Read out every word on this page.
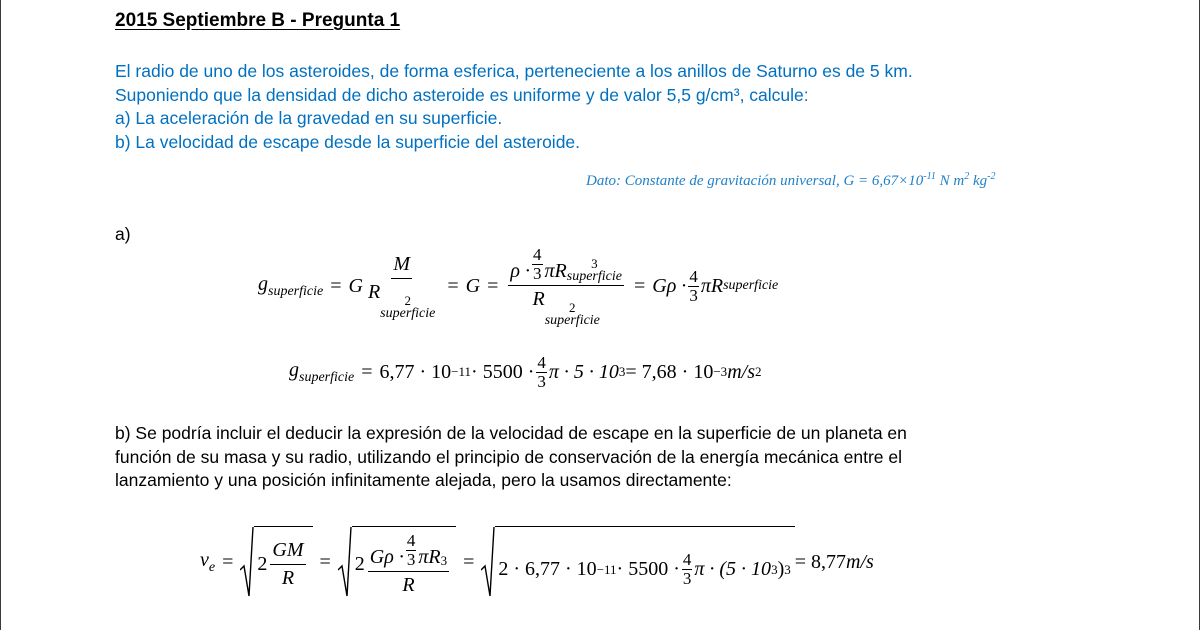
2015 Septiembre B - Pregunta 1
El radio de uno de los asteroides, de forma esferica, perteneciente a los anillos de Saturno es de 5 km.
Suponiendo que la densidad de dicho asteroide es uniforme y de valor 5,5 g/cm³, calcule:
a) La aceleración de la gravedad en su superficie.
b) La velocidad de escape desde la superficie del asteroide.
Dato: Constante de gravitación universal, $G = 6,67\times 10^{-11}$ N $m^2$ $kg^{-2}$
a)
$g_{superficie} = G$ M
R	2
superficie = $G = \rho \cdot \frac{4}{3}$ πR	3
superficie
R	2
superficie = $G\rho \cdot \frac{4}{3}$ πR superficie
$g_{superficie} = 6,77 \cdot 10 -11 \cdot 5500 \cdot \frac{4}{3}$ π · 5 · 10 3 = 7,68 · 10 −3 m/s 2
b) Se podría incluir el deducir la expresión de la velocidad de escape en la superficie de un planeta en
función de su masa y su radio, utilizando el principio de conservación de la energía mecánica entre el
lanzamiento y una posición infinitamente alejada, pero la usamos directamente:
$v_e = 2 \frac{GM}{R} = 2 \frac{G\rho \cdot \frac{4}{3} \pi R 3}{R} = 2 \cdot 6,77 \cdot 10 -11 \cdot 5500 \cdot \frac{4}{3}$ π · (5 · 10 3 ) 3 = 8,77 m/s
